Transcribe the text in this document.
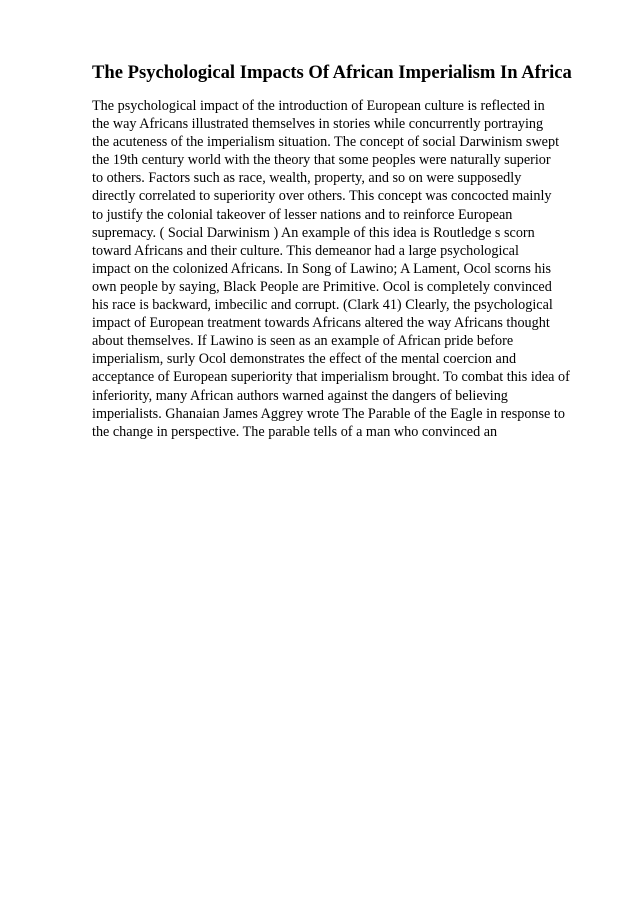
The Psychological Impacts Of African Imperialism In Africa
The psychological impact of the introduction of European culture is reflected in
the way Africans illustrated themselves in stories while concurrently portraying
the acuteness of the imperialism situation. The concept of social Darwinism swept
the 19th century world with the theory that some peoples were naturally superior
to others. Factors such as race, wealth, property, and so on were supposedly
directly correlated to superiority over others. This concept was concocted mainly
to justify the colonial takeover of lesser nations and to reinforce European
supremacy. ( Social Darwinism ) An example of this idea is Routledge s scorn
toward Africans and their culture. This demeanor had a large psychological
impact on the colonized Africans. In Song of Lawino; A Lament, Ocol scorns his
own people by saying, Black People are Primitive. Ocol is completely convinced
his race is backward, imbecilic and corrupt. (Clark 41) Clearly, the psychological
impact of European treatment towards Africans altered the way Africans thought
about themselves. If Lawino is seen as an example of African pride before
imperialism, surly Ocol demonstrates the effect of the mental coercion and
acceptance of European superiority that imperialism brought. To combat this idea of
inferiority, many African authors warned against the dangers of believing
imperialists. Ghanaian James Aggrey wrote The Parable of the Eagle in response to
the change in perspective. The parable tells of a man who convinced an
